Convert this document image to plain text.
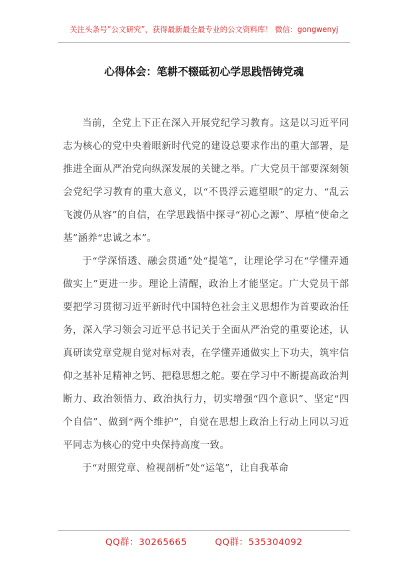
关注头条号“公文研究”，获得最新最全最专业的公文资料库！ 微信：gongwenyj
心得体会：笔耕不辍砥初心学思践悟铸党魂

当前，全党上下正在深入开展党纪学习教育。这是以习近平同志为核心的党中央着眼新时代党的建设总要求作出的重大部署，是推进全面从严治党向纵深发展的关键之举。广大党员干部要深刻领会党纪学习教育的重大意义，以“不畏浮云遮望眼”的定力、“乱云飞渡仍从容”的自信，在学思践悟中探寻“初心之源”、厚植“使命之基”涵养“忠诚之本”。

于“学深悟透、融会贯通”处“提笔”，让理论学习在“学懂弄通做实上”更进一步。理论上清醒，政治上才能坚定。广大党员干部要把学习贯彻习近平新时代中国特色社会主义思想作为首要政治任务，深入学习领会习近平总书记关于全面从严治党的重要论述，认真研读党章党规自觉对标对表，在学懂弄通做实上下功夫，筑牢信仰之基补足精神之钙、把稳思想之舵。要在学习中不断提高政治判断力、政治领悟力、政治执行力，切实增强“四个意识”、坚定“四个自信”、做到“两个维护”，自觉在思想上政治上行动上同以习近平同志为核心的党中央保持高度一致。

于“对照党章、检视剖析”处“运笔”，让自我革命

QQ群：30265665	QQ群：535304092
